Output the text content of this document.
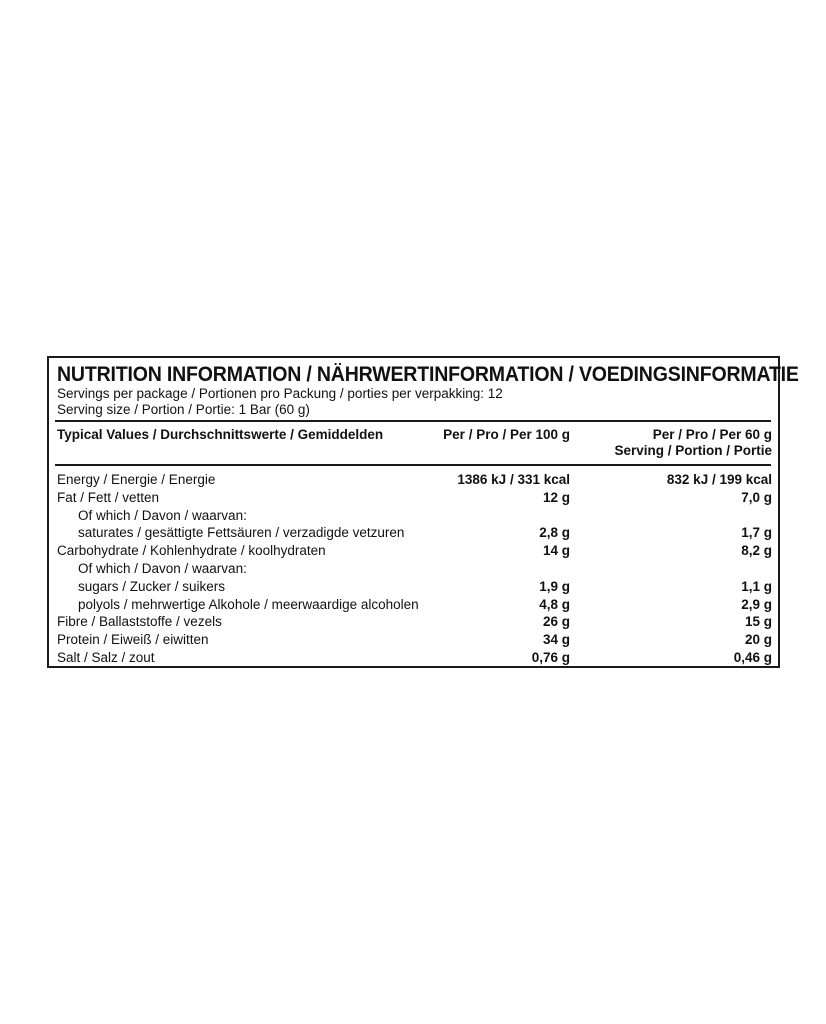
NUTRITION INFORMATION / NÄHRWERTINFORMATION / VOEDINGSINFORMATIE
Servings per package / Portionen pro Packung / porties per verpakking: 12
Serving size / Portion / Portie: 1 Bar (60 g)
Typical Values / Durchschnittswerte / Gemiddelden	Per / Pro / Per 100 g	Per / Pro / Per 60 g
Serving / Portion / Portie
Energy / Energie / Energie	1386 kJ / 331 kcal	832 kJ / 199 kcal
Fat / Fett / vetten	12 g	7,0 g
Of which / Davon / waarvan:
saturates / gesättigte Fettsäuren / verzadigde vetzuren	2,8 g	1,7 g
Carbohydrate / Kohlenhydrate / koolhydraten	14 g	8,2 g
Of which / Davon / waarvan:
sugars / Zucker / suikers	1,9 g	1,1 g
polyols / mehrwertige Alkohole / meerwaardige alcoholen	4,8 g	2,9 g
Fibre / Ballaststoffe / vezels	26 g	15 g
Protein / Eiweiß / eiwitten	34 g	20 g
Salt / Salz / zout	0,76 g	0,46 g
